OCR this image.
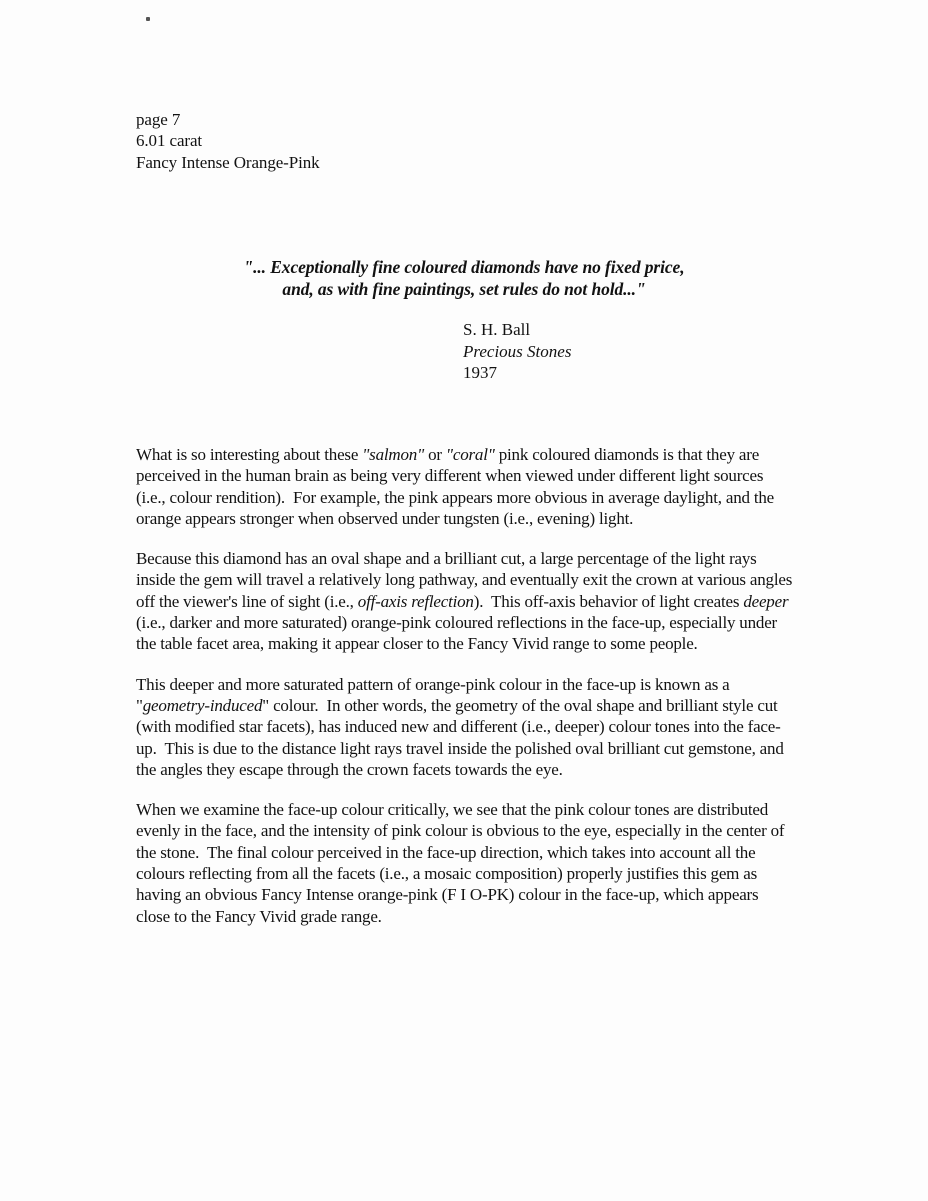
page 7
6.01 carat
Fancy Intense Orange-Pink
"... Exceptionally fine coloured diamonds have no fixed price,
and, as with fine paintings, set rules do not hold..."
S. H. Ball
Precious Stones
1937

What is so interesting about these "salmon" or "coral" pink coloured diamonds is that they are perceived in the human brain as being very different when viewed under different light sources (i.e., colour rendition).  For example, the pink appears more obvious in average daylight, and the orange appears stronger when observed under tungsten (i.e., evening) light.

Because this diamond has an oval shape and a brilliant cut, a large percentage of the light rays inside the gem will travel a relatively long pathway, and eventually exit the crown at various angles off the viewer's line of sight (i.e., off-axis reflection).  This off-axis behavior of light creates deeper (i.e., darker and more saturated) orange-pink coloured reflections in the face-up, especially under the table facet area, making it appear closer to the Fancy Vivid range to some people.

This deeper and more saturated pattern of orange-pink colour in the face-up is known as a "geometry-induced" colour.  In other words, the geometry of the oval shape and brilliant style cut (with modified star facets), has induced new and different (i.e., deeper) colour tones into the face-up.  This is due to the distance light rays travel inside the polished oval brilliant cut gemstone, and the angles they escape through the crown facets towards the eye.

When we examine the face-up colour critically, we see that the pink colour tones are distributed evenly in the face, and the intensity of pink colour is obvious to the eye, especially in the center of the stone.  The final colour perceived in the face-up direction, which takes into account all the colours reflecting from all the facets (i.e., a mosaic composition) properly justifies this gem as having an obvious Fancy Intense orange-pink (F I O-PK) colour in the face-up, which appears close to the Fancy Vivid grade range.
